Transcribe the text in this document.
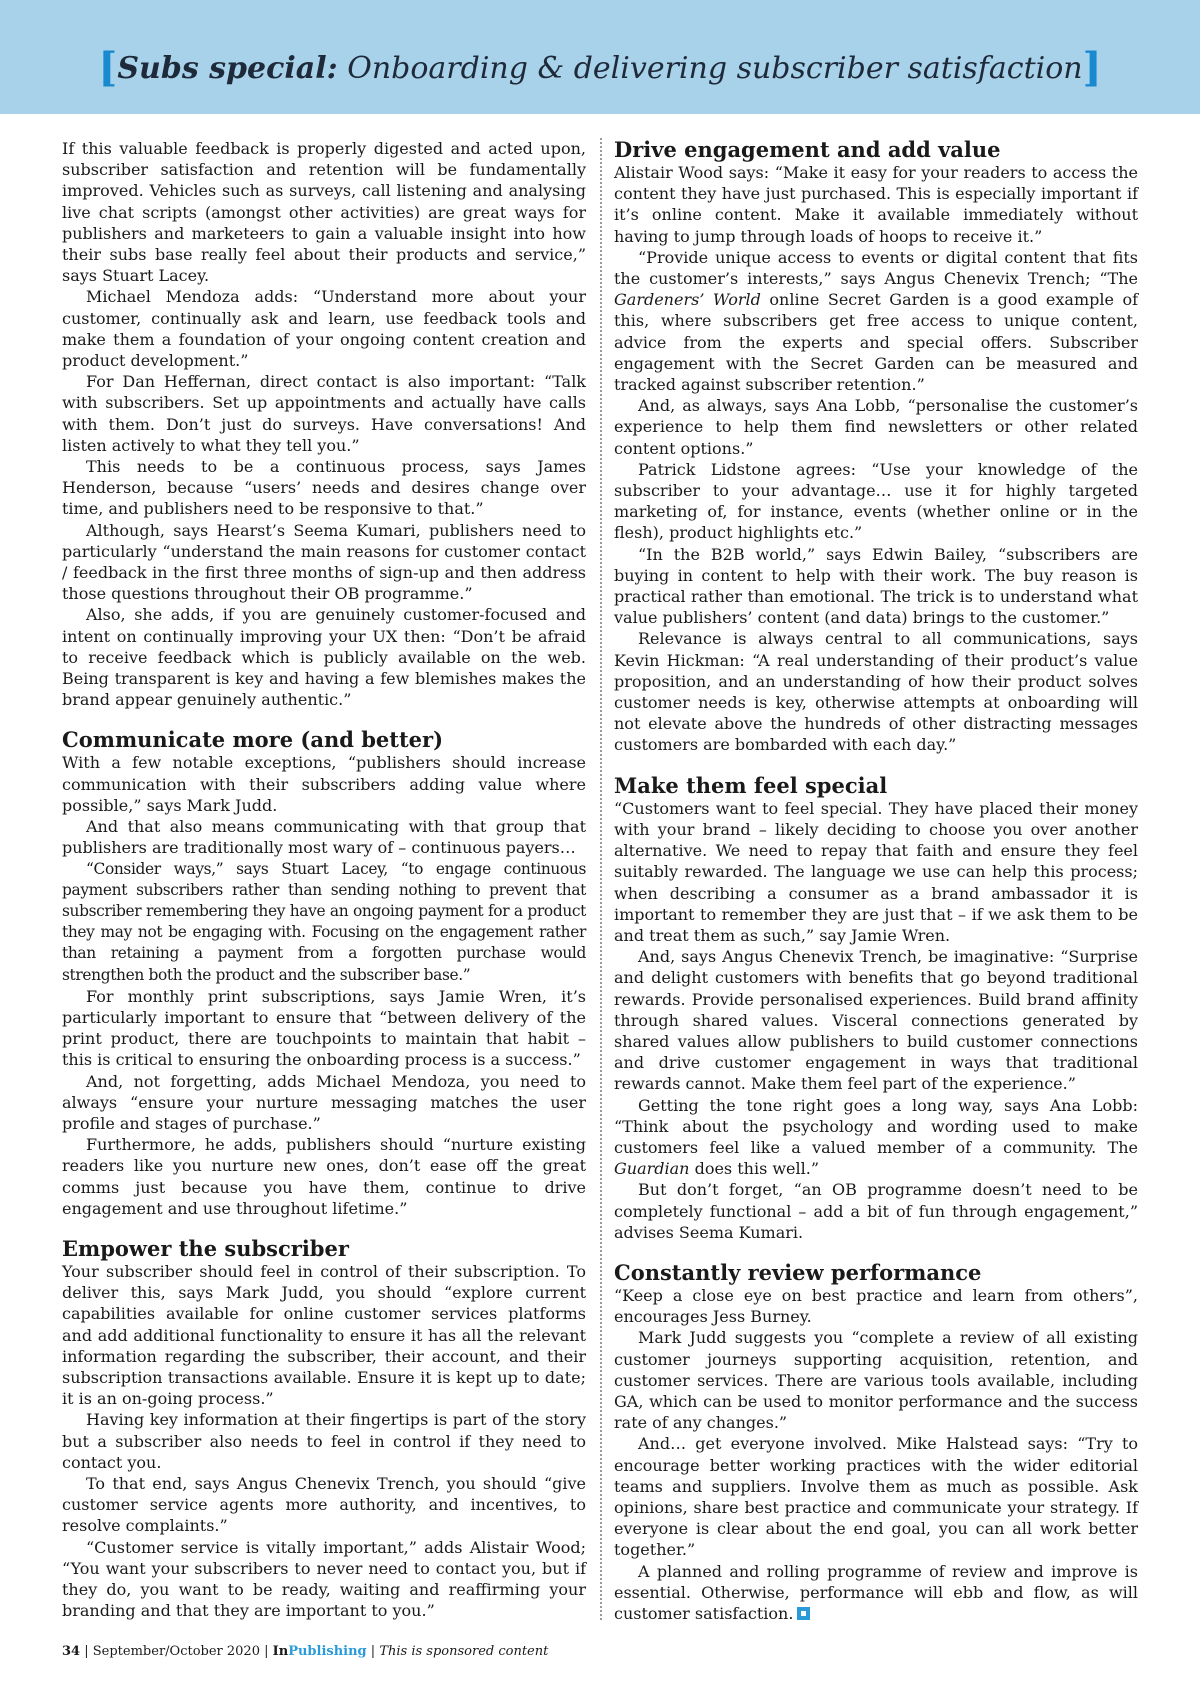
[Subs special: Onboarding & delivering subscriber satisfaction]

If this valuable feedback is properly digested and acted upon, subscriber satisfaction and retention will be fundamentally improved. Vehicles such as surveys, call listening and analysing live chat scripts (amongst other activities) are great ways for publishers and marketeers to gain a valuable insight into how their subs base really feel about their products and service,” says Stuart Lacey.

Michael Mendoza adds: “Understand more about your customer, continually ask and learn, use feedback tools and make them a foundation of your ongoing content creation and product development.”

For Dan Heffernan, direct contact is also important: “Talk with subscribers. Set up appointments and actually have calls with them. Don’t just do surveys. Have conversations! And listen actively to what they tell you.”

This needs to be a continuous process, says James Henderson, because “users’ needs and desires change over time, and publishers need to be responsive to that.”

Although, says Hearst’s Seema Kumari, publishers need to particularly “understand the main reasons for customer contact / feedback in the first three months of sign-up and then address those questions throughout their OB programme.”

Also, she adds, if you are genuinely customer-focused and intent on continually improving your UX then: “Don’t be afraid to receive feedback which is publicly available on the web. Being transparent is key and having a few blemishes makes the brand appear genuinely authentic.”

Communicate more (and better)

With a few notable exceptions, “publishers should increase communication with their subscribers adding value where possible,” says Mark Judd.

And that also means communicating with that group that publishers are traditionally most wary of – continuous payers…

“Consider ways,” says Stuart Lacey, “to engage continuous payment subscribers rather than sending nothing to prevent that subscriber remembering they have an ongoing payment for a product they may not be engaging with. Focusing on the engagement rather than retaining a payment from a forgotten purchase would strengthen both the product and the subscriber base.”

For monthly print subscriptions, says Jamie Wren, it’s particularly important to ensure that “between delivery of the print product, there are touchpoints to maintain that habit – this is critical to ensuring the onboarding process is a success.”

And, not forgetting, adds Michael Mendoza, you need to always “ensure your nurture messaging matches the user profile and stages of purchase.”

Furthermore, he adds, publishers should “nurture existing readers like you nurture new ones, don’t ease off the great comms just because you have them, continue to drive engagement and use throughout lifetime.”

Empower the subscriber

Your subscriber should feel in control of their subscription. To deliver this, says Mark Judd, you should “explore current capabilities available for online customer services platforms and add additional functionality to ensure it has all the relevant information regarding the subscriber, their account, and their subscription transactions available. Ensure it is kept up to date; it is an on-going process.”

Having key information at their fingertips is part of the story but a subscriber also needs to feel in control if they need to contact you.

To that end, says Angus Chenevix Trench, you should “give customer service agents more authority, and incentives, to resolve complaints.”

“Customer service is vitally important,” adds Alistair Wood; “You want your subscribers to never need to contact you, but if they do, you want to be ready, waiting and reaffirming your branding and that they are important to you.”

Drive engagement and add value

Alistair Wood says: “Make it easy for your readers to access the content they have just purchased. This is especially important if it’s online content. Make it available immediately without having to jump through loads of hoops to receive it.”

“Provide unique access to events or digital content that fits the customer’s interests,” says Angus Chenevix Trench; “The Gardeners’ World online Secret Garden is a good example of this, where subscribers get free access to unique content, advice from the experts and special offers. Subscriber engagement with the Secret Garden can be measured and tracked against subscriber retention.”

And, as always, says Ana Lobb, “personalise the customer’s experience to help them find newsletters or other related content options.”

Patrick Lidstone agrees: “Use your knowledge of the subscriber to your advantage… use it for highly targeted marketing of, for instance, events (whether online or in the flesh), product highlights etc.”

“In the B2B world,” says Edwin Bailey, “subscribers are buying in content to help with their work. The buy reason is practical rather than emotional. The trick is to understand what value publishers’ content (and data) brings to the customer.”

Relevance is always central to all communications, says Kevin Hickman: “A real understanding of their product’s value proposition, and an understanding of how their product solves customer needs is key, otherwise attempts at onboarding will not elevate above the hundreds of other distracting messages customers are bombarded with each day.”

Make them feel special

“Customers want to feel special. They have placed their money with your brand – likely deciding to choose you over another alternative. We need to repay that faith and ensure they feel suitably rewarded. The language we use can help this process; when describing a consumer as a brand ambassador it is important to remember they are just that – if we ask them to be and treat them as such,” say Jamie Wren.

And, says Angus Chenevix Trench, be imaginative: “Surprise and delight customers with benefits that go beyond traditional rewards. Provide personalised experiences. Build brand affinity through shared values. Visceral connections generated by shared values allow publishers to build customer connections and drive customer engagement in ways that traditional rewards cannot. Make them feel part of the experience.”

Getting the tone right goes a long way, says Ana Lobb: “Think about the psychology and wording used to make customers feel like a valued member of a community. The Guardian does this well.”

But don’t forget, “an OB programme doesn’t need to be completely functional – add a bit of fun through engagement,” advises Seema Kumari.

Constantly review performance

“Keep a close eye on best practice and learn from others”, encourages Jess Burney.

Mark Judd suggests you “complete a review of all existing customer journeys supporting acquisition, retention, and customer services. There are various tools available, including GA, which can be used to monitor performance and the success rate of any changes.”

And… get everyone involved. Mike Halstead says: “Try to encourage better working practices with the wider editorial teams and suppliers. Involve them as much as possible. Ask opinions, share best practice and communicate your strategy. If everyone is clear about the end goal, you can all work better together.”

A planned and rolling programme of review and improve is essential. Otherwise, performance will ebb and flow, as will customer satisfaction.

34 | September/October 2020 | InPublishing | This is sponsored content
